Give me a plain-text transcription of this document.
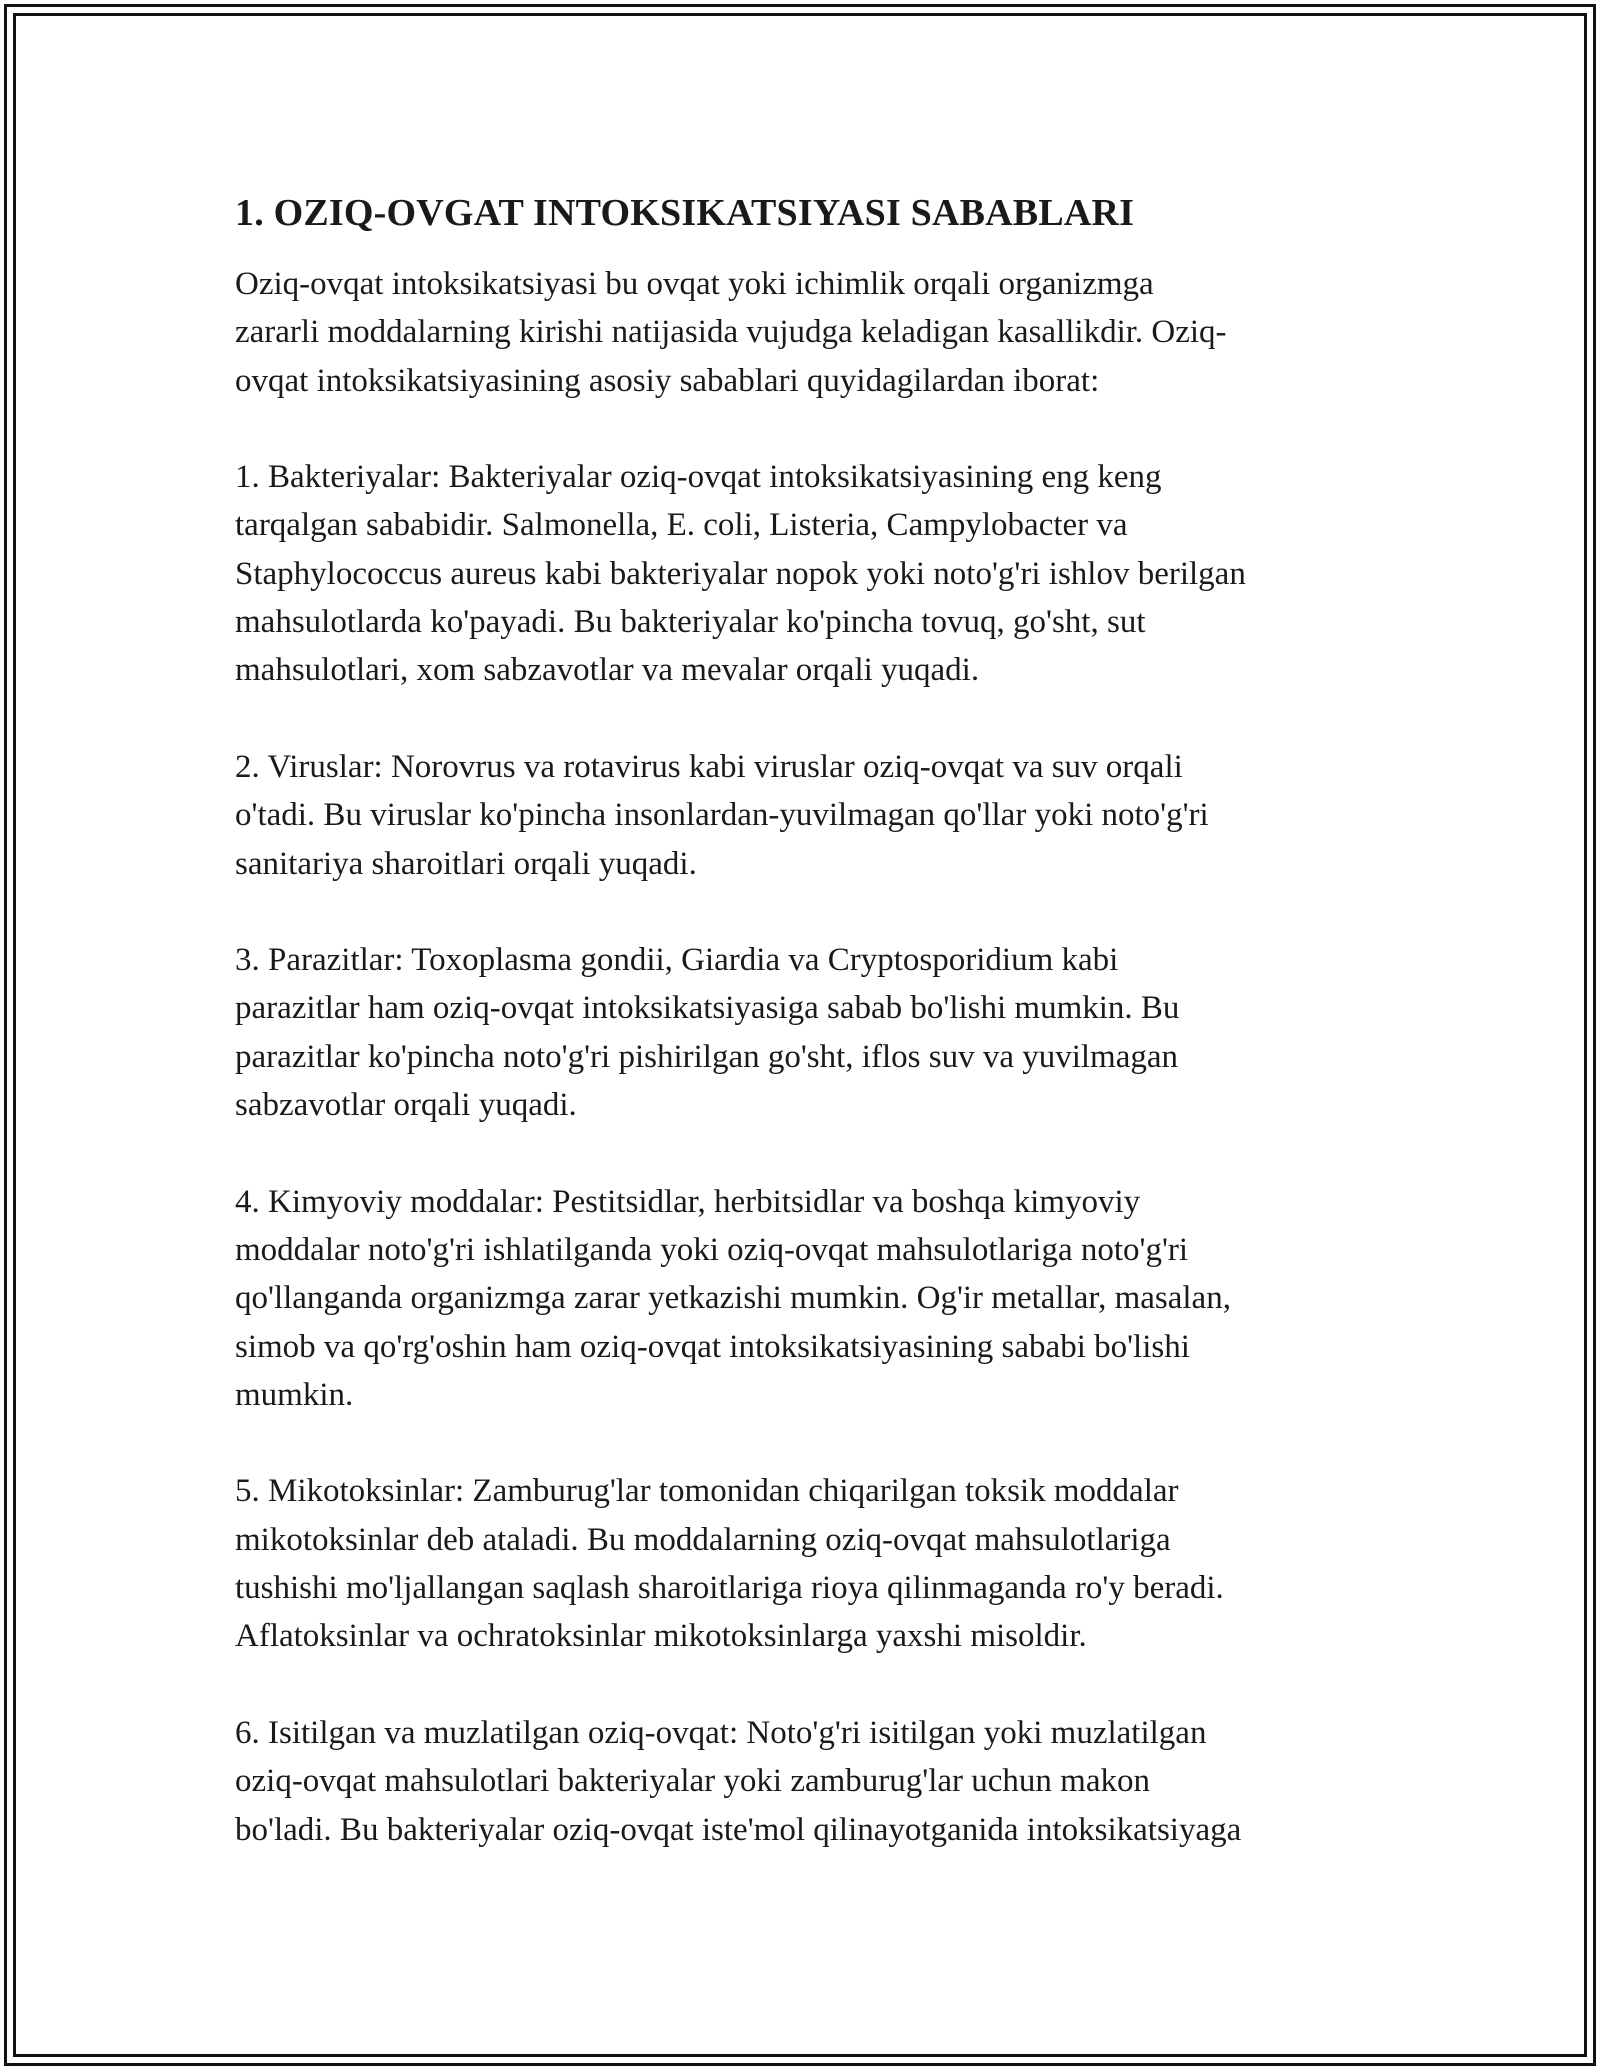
1. OZIQ-OVGAT INTOKSIKATSIYASI SABABLARI

Oziq-ovqat intoksikatsiyasi bu ovqat yoki ichimlik orqali organizmga
zararli moddalarning kirishi natijasida vujudga keladigan kasallikdir. Oziq-
ovqat intoksikatsiyasining asosiy sabablari quyidagilardan iborat:

1. Bakteriyalar: Bakteriyalar oziq-ovqat intoksikatsiyasining eng keng
tarqalgan sababidir. Salmonella, E. coli, Listeria, Campylobacter va
Staphylococcus aureus kabi bakteriyalar nopok yoki noto'g'ri ishlov berilgan
mahsulotlarda ko'payadi. Bu bakteriyalar ko'pincha tovuq, go'sht, sut
mahsulotlari, xom sabzavotlar va mevalar orqali yuqadi.

2. Viruslar: Norovrus va rotavirus kabi viruslar oziq-ovqat va suv orqali
o'tadi. Bu viruslar ko'pincha insonlardan-yuvilmagan qo'llar yoki noto'g'ri
sanitariya sharoitlari orqali yuqadi.

3. Parazitlar: Toxoplasma gondii, Giardia va Cryptosporidium kabi
parazitlar ham oziq-ovqat intoksikatsiyasiga sabab bo'lishi mumkin. Bu
parazitlar ko'pincha noto'g'ri pishirilgan go'sht, iflos suv va yuvilmagan
sabzavotlar orqali yuqadi.

4. Kimyoviy moddalar: Pestitsidlar, herbitsidlar va boshqa kimyoviy
moddalar noto'g'ri ishlatilganda yoki oziq-ovqat mahsulotlariga noto'g'ri
qo'llanganda organizmga zarar yetkazishi mumkin. Og'ir metallar, masalan,
simob va qo'rg'oshin ham oziq-ovqat intoksikatsiyasining sababi bo'lishi
mumkin.

5. Mikotoksinlar: Zamburug'lar tomonidan chiqarilgan toksik moddalar
mikotoksinlar deb ataladi. Bu moddalarning oziq-ovqat mahsulotlariga
tushishi mo'ljallangan saqlash sharoitlariga rioya qilinmaganda ro'y beradi.
Aflatoksinlar va ochratoksinlar mikotoksinlarga yaxshi misoldir.

6. Isitilgan va muzlatilgan oziq-ovqat: Noto'g'ri isitilgan yoki muzlatilgan
oziq-ovqat mahsulotlari bakteriyalar yoki zamburug'lar uchun makon
bo'ladi. Bu bakteriyalar oziq-ovqat iste'mol qilinayotganida intoksikatsiyaga
